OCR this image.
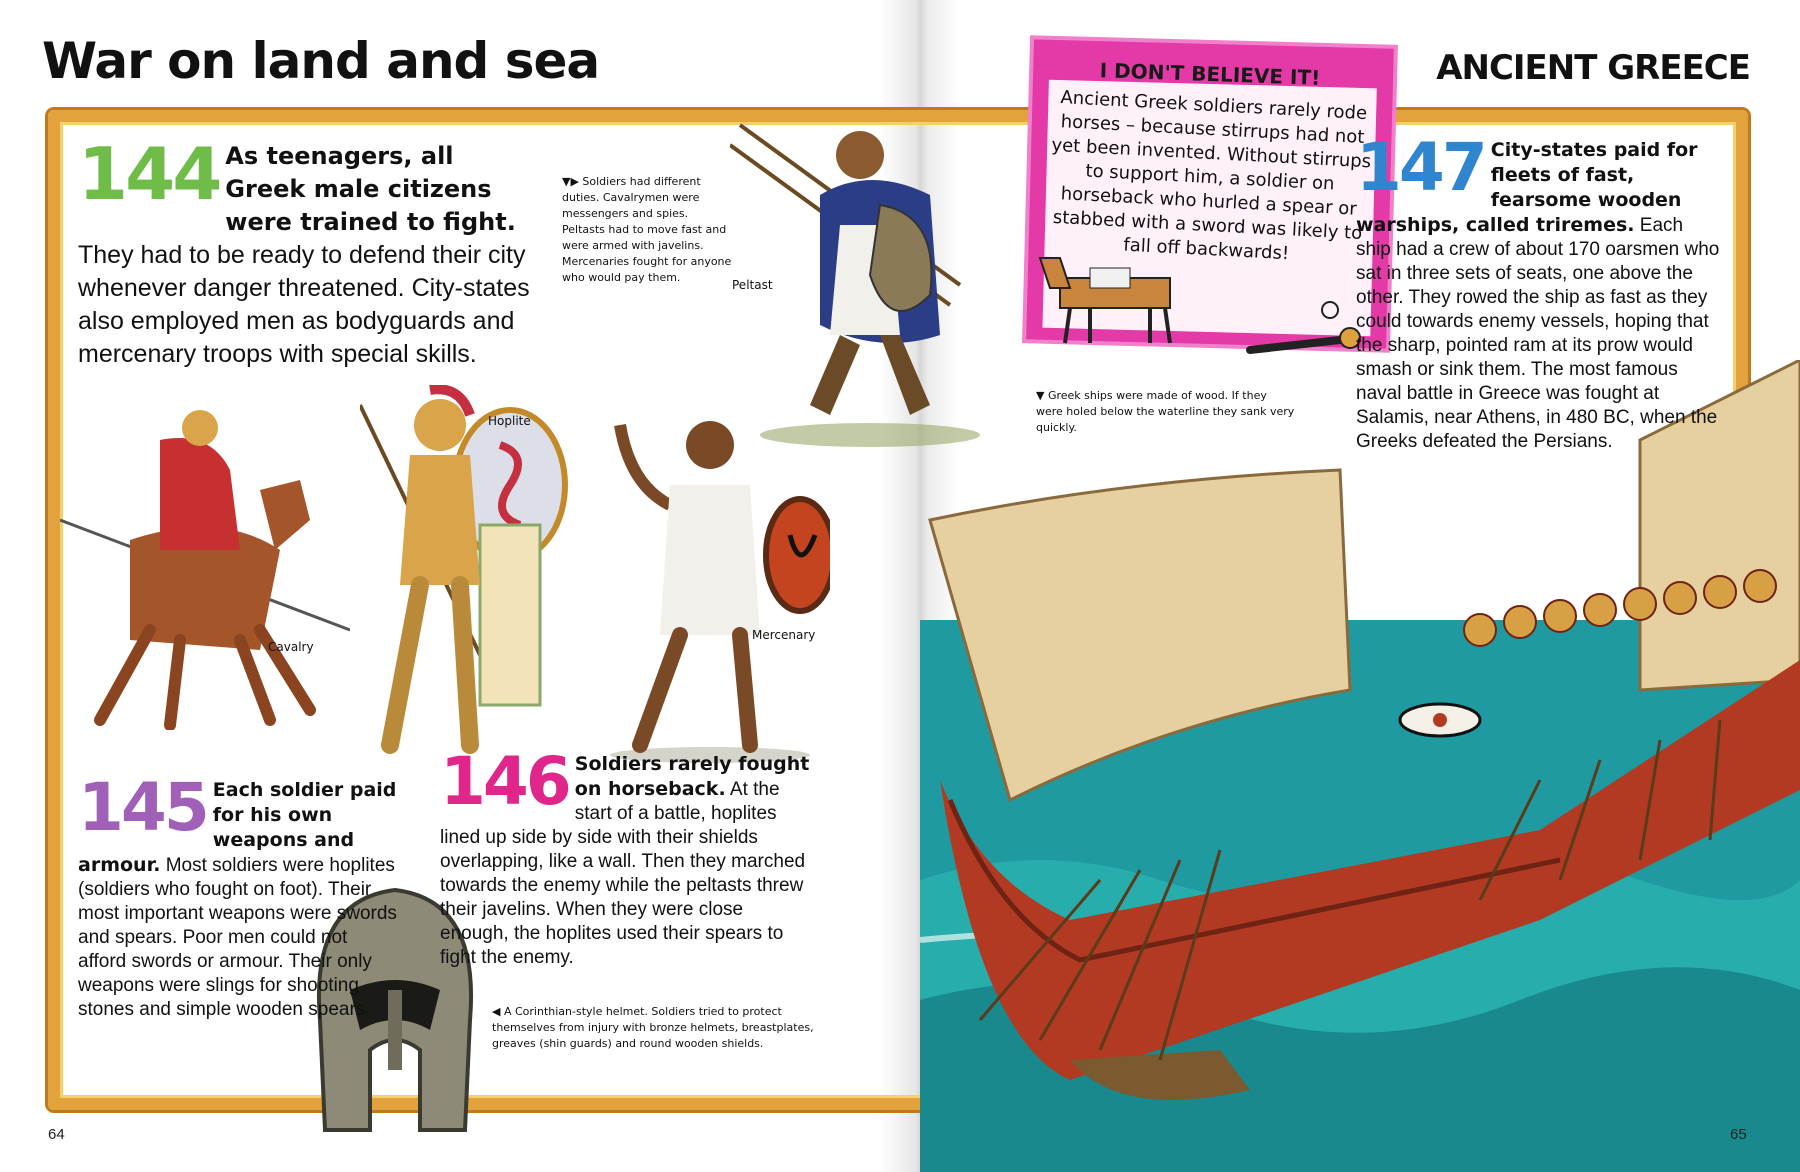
I DON'T BELIEVE IT!
Ancient Greek soldiers rarely rode horses – because stirrups had not yet been invented. Without stirrups to support him, a soldier on horseback who hurled a spear or stabbed with a sword was likely to fall off backwards!
War on land and sea	ANCIENT GREECE
144 As teenagers, all Greek male citizens were trained to fight. They had to be ready to defend their city whenever danger threatened. City-states also employed men as bodyguards and mercenary troops with special skills.
145 Each soldier paid for his own weapons and armour. Most soldiers were hoplites (soldiers who fought on foot). Their most important weapons were swords and spears. Poor men could not afford swords or armour. Their only weapons were slings for shooting stones and simple wooden spears.
146 Soldiers rarely fought on horseback. At the start of a battle, hoplites lined up side by side with their shields overlapping, like a wall. Then they marched towards the enemy while the peltasts threw their javelins. When they were close enough, the hoplites used their spears to fight the enemy.
147 City-states paid for fleets of fast, fearsome wooden warships, called triremes. Each ship had a crew of about 170 oarsmen who sat in three sets of seats, one above the other. They rowed the ship as fast as they could towards enemy vessels, hoping that the sharp, pointed ram at its prow would smash or sink them. The most famous naval battle in Greece was fought at Salamis, near Athens, in 480 BC, when the Greeks defeated the Persians.
▼▶ Soldiers had different duties. Cavalrymen were messengers and spies. Peltasts had to move fast and were armed with javelins. Mercenaries fought for anyone who would pay them.
▼ Greek ships were made of wood. If they were holed below the waterline they sank very quickly.
◀ A Corinthian-style helmet. Soldiers tried to protect themselves from injury with bronze helmets, breastplates, greaves (shin guards) and round wooden shields.
Peltast
Hoplite
Cavalry
Mercenary
64	65
